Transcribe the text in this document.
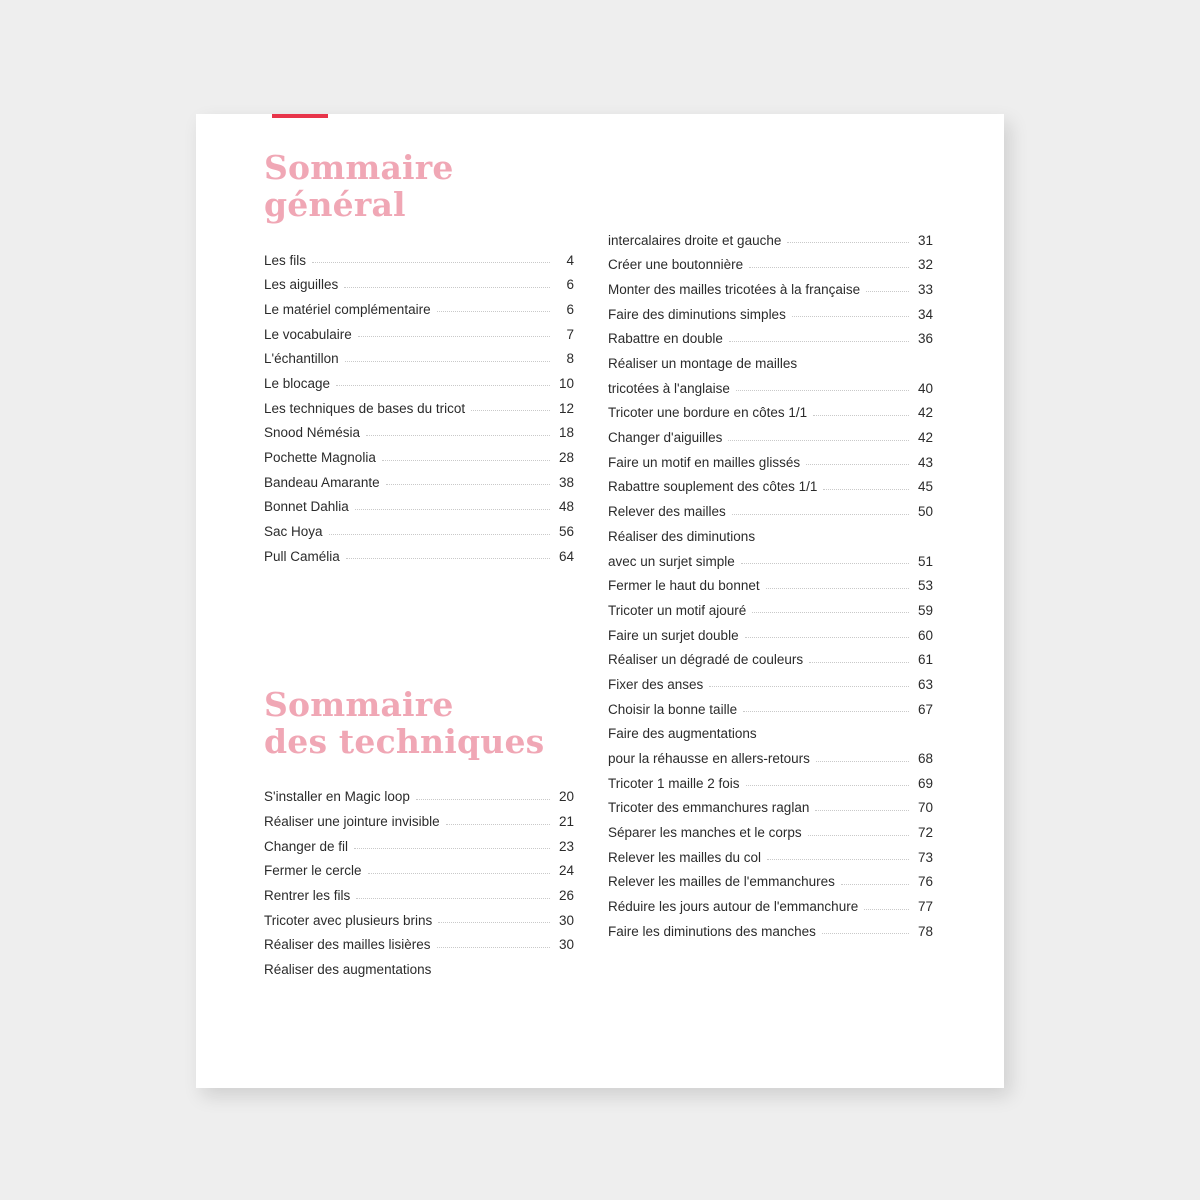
Sommaire
général
Les fils	4
Les aiguilles	6
Le matériel complémentaire	6
Le vocabulaire	7
L'échantillon	8
Le blocage	10
Les techniques de bases du tricot	12
Snood Némésia	18
Pochette Magnolia	28
Bandeau Amarante	38
Bonnet Dahlia	48
Sac Hoya	56
Pull Camélia	64
Sommaire
des techniques
S'installer en Magic loop	20
Réaliser une jointure invisible	21
Changer de fil	23
Fermer le cercle	24
Rentrer les fils	26
Tricoter avec plusieurs brins	30
Réaliser des mailles lisières	30
Réaliser des augmentations
intercalaires droite et gauche	31
Créer une boutonnière	32
Monter des mailles tricotées à la française	33
Faire des diminutions simples	34
Rabattre en double	36
Réaliser un montage de mailles
tricotées à l'anglaise	40
Tricoter une bordure en côtes 1/1	42
Changer d'aiguilles	42
Faire un motif en mailles glissés	43
Rabattre souplement des côtes 1/1	45
Relever des mailles	50
Réaliser des diminutions
avec un surjet simple	51
Fermer le haut du bonnet	53
Tricoter un motif ajouré	59
Faire un surjet double	60
Réaliser un dégradé de couleurs	61
Fixer des anses	63
Choisir la bonne taille	67
Faire des augmentations
pour la réhausse en allers-retours	68
Tricoter 1 maille 2 fois	69
Tricoter des emmanchures raglan	70
Séparer les manches et le corps	72
Relever les mailles du col	73
Relever les mailles de l'emmanchures	76
Réduire les jours autour de l'emmanchure	77
Faire les diminutions des manches	78
